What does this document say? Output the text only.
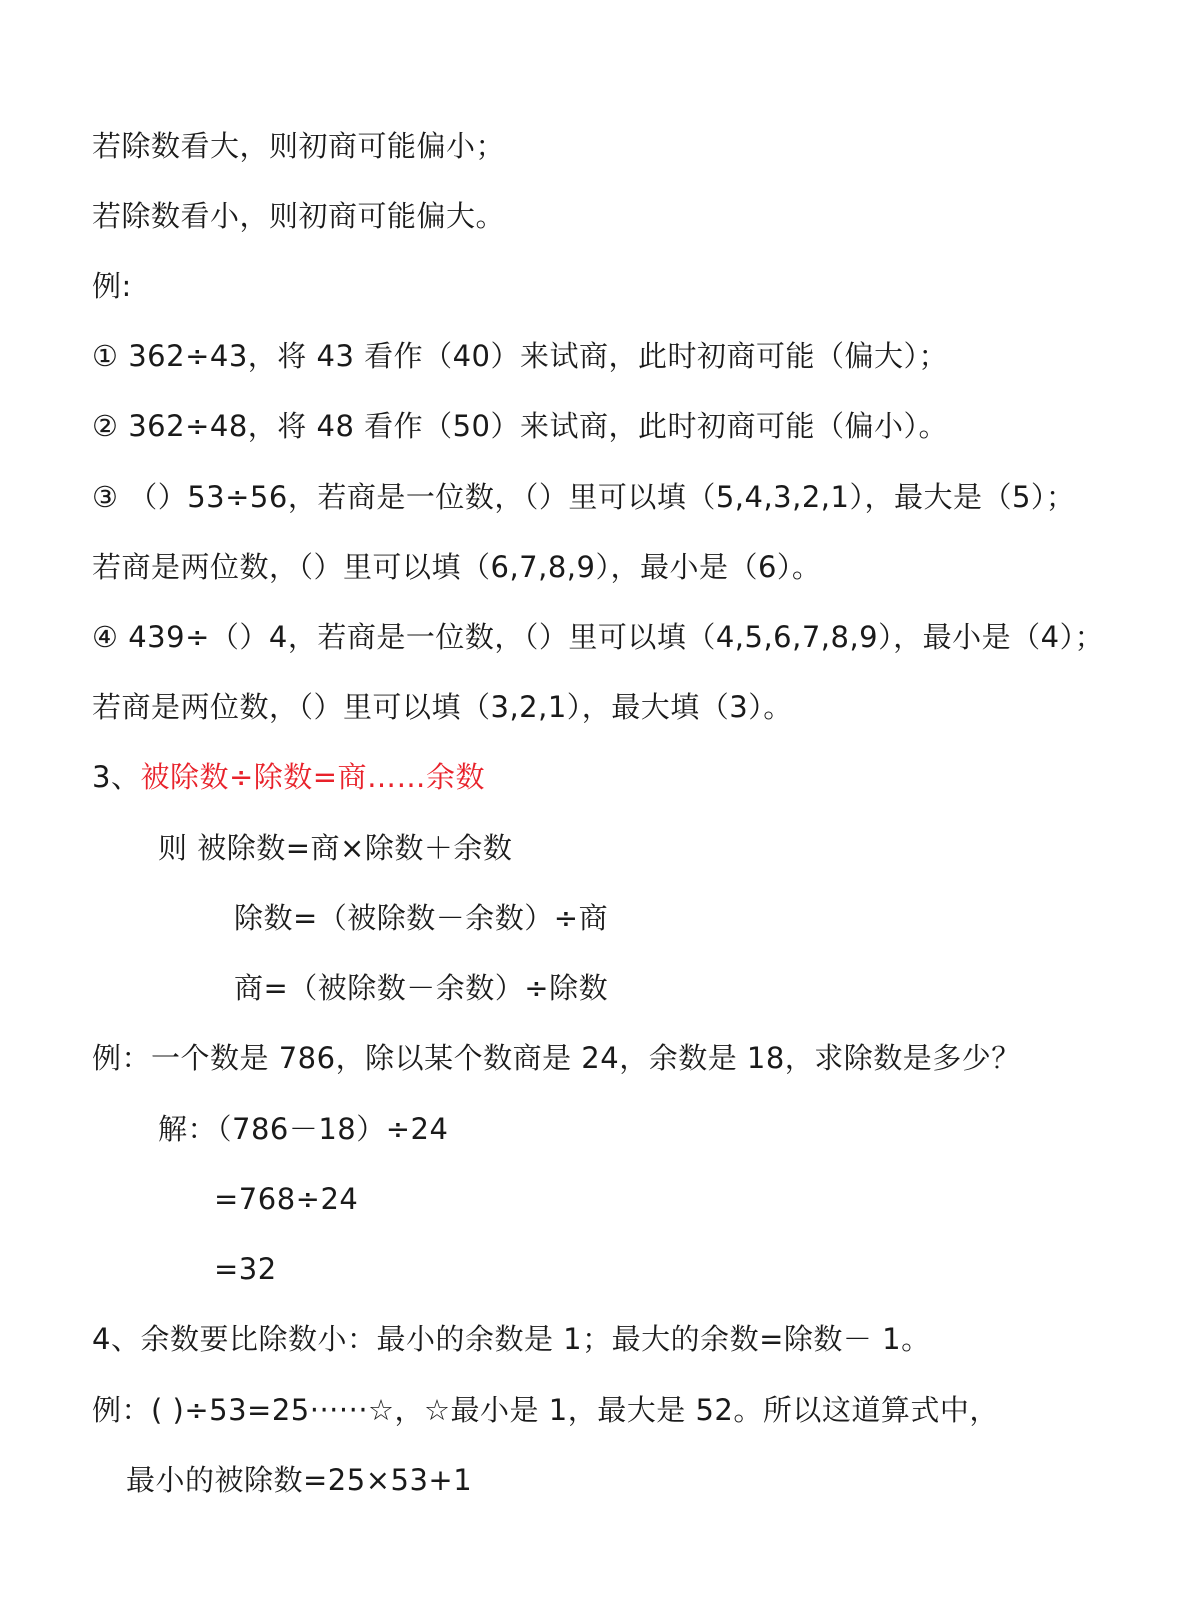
若除数看大，则初商可能偏小；
若除数看小，则初商可能偏大。
例:
① 362÷43，将 43 看作（40）来试商，此时初商可能（偏大）；
② 362÷48，将 48 看作（50）来试商，此时初商可能（偏小）。
③ （）53÷56，若商是一位数，（）里可以填（5,4,3,2,1），最大是（5）；
若商是两位数，（）里可以填（6,7,8,9），最小是（6）。
④ 439÷（）4，若商是一位数，（）里可以填（4,5,6,7,8,9），最小是（4）；
若商是两位数，（）里可以填（3,2,1），最大填（3）。
3、被除数÷除数=商……余数
则 被除数=商×除数＋余数
除数=（被除数－余数）÷商
商=（被除数－余数）÷除数
例：一个数是 786，除以某个数商是 24，余数是 18，求除数是多少？
解：（786－18）÷24
=768÷24
=32
4、余数要比除数小：最小的余数是 1；最大的余数=除数－ 1。
例：( )÷53=25······☆，☆最小是 1，最大是 52。所以这道算式中，
最小的被除数=25×53+1
